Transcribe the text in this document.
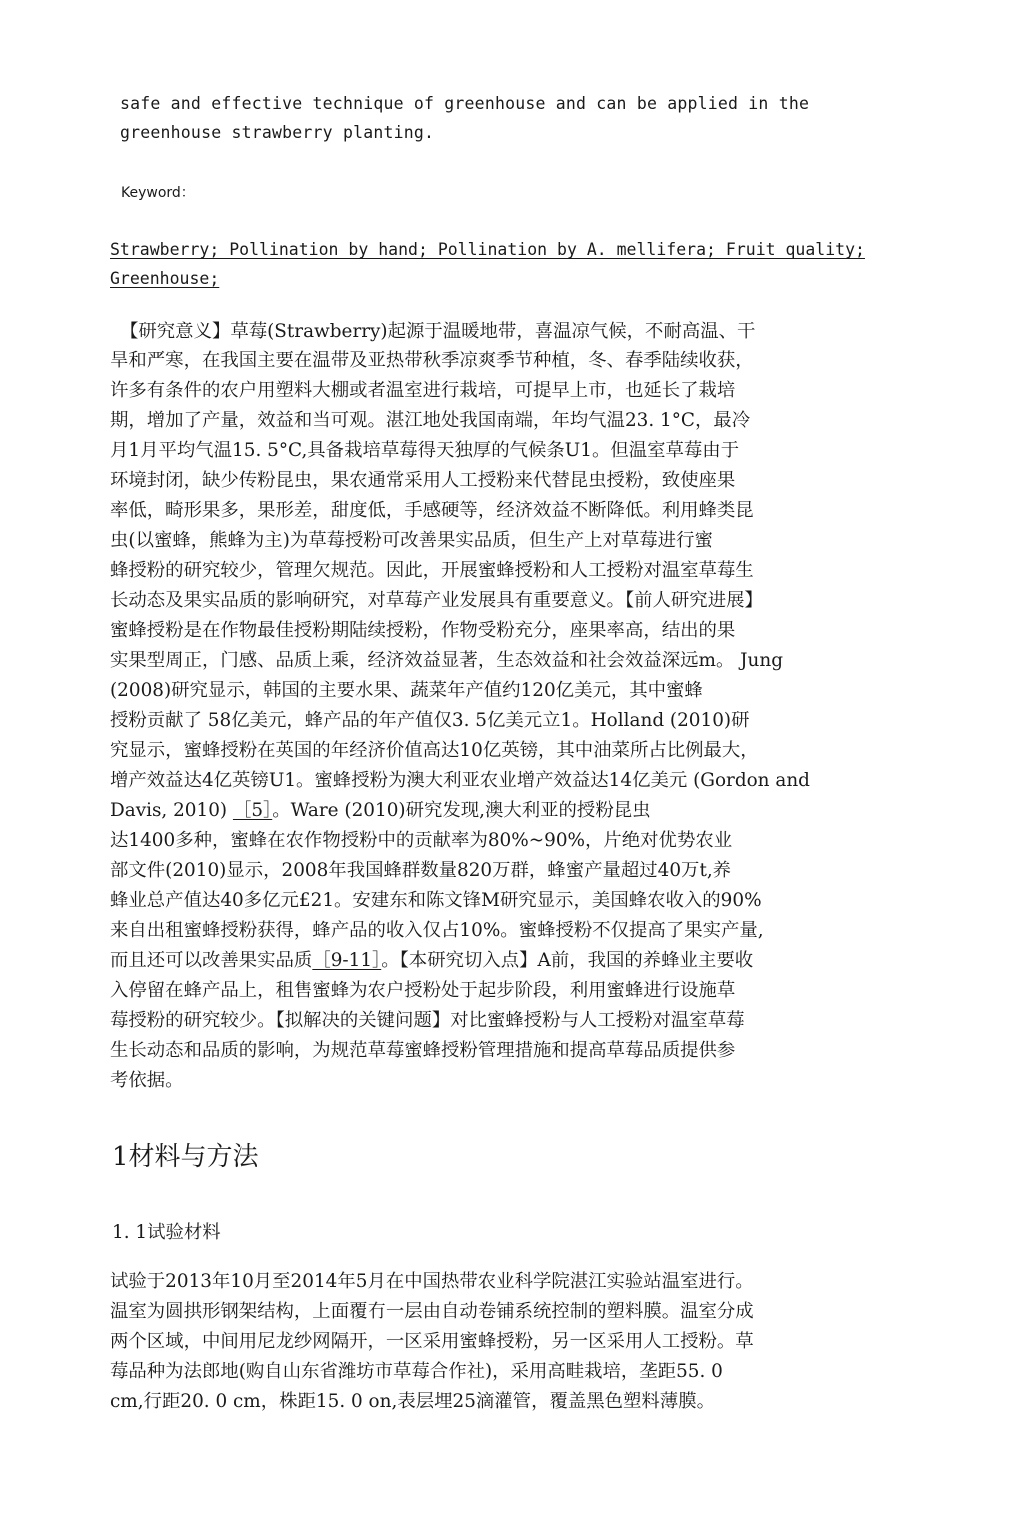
safe and effective technique of greenhouse and can be applied in the
greenhouse strawberry planting.
Keyword：
Strawberry; Pollination by hand; Pollination by A. mellifera; Fruit quality;
Greenhouse;
【研究意义】草莓(Strawberry)起源于温暖地带，喜温凉气候，不耐高温、干
旱和严寒，在我国主要在温带及亚热带秋季凉爽季节种植，冬、春季陆续收获，
许多有条件的农户用塑料大棚或者温室进行栽培，可提早上市，也延长了栽培
期，增加了产量，效益和当可观。湛江地处我国南端，年均气温23. 1°C，最冷
月1月平均气温15. 5°C,具备栽培草莓得天独厚的气候条U1。但温室草莓由于
环境封闭，缺少传粉昆虫，果农通常采用人工授粉来代替昆虫授粉，致使座果
率低，畸形果多，果形差，甜度低，手感硬等，经济效益不断降低。利用蜂类昆
虫(以蜜蜂，熊蜂为主)为草莓授粉可改善果实品质，但生产上对草莓进行蜜
蜂授粉的研究较少，管理欠规范。因此，开展蜜蜂授粉和人工授粉对温室草莓生
长动态及果实品质的影响研究，对草莓产业发展具有重要意义。【前人研究进展】
蜜蜂授粉是在作物最佳授粉期陆续授粉，作物受粉充分，座果率高，结出的果
实果型周正，门感、品质上乘，经济效益显著，生态效益和社会效益深远m。 Jung
(2008)研究显示，韩国的主要水果、蔬菜年产值约120亿美元，其中蜜蜂
授粉贡献了 58亿美元，蜂产品的年产值仅3. 5亿美元立1。Holland (2010)研
究显示，蜜蜂授粉在英国的年经济价值高达10亿英镑，其中油菜所占比例最大，
增产效益达4亿英镑U1。蜜蜂授粉为澳大利亚农业增产效益达14亿美元 (Gordon and
Davis, 2010) ［5］。Ware (2010)研究发现,澳大利亚的授粉昆虫
达1400多种，蜜蜂在农作物授粉中的贡献率为80%~90%，片绝对优势农业
部文件(2010)显示，2008年我国蜂群数量820万群，蜂蜜产量超过40万t,养
蜂业总产值达40多亿元£21。安建东和陈文锋M研究显示，美国蜂农收入的90%
来自出租蜜蜂授粉获得，蜂产品的收入仅占10%。蜜蜂授粉不仅提高了果实产量,
而且还可以改善果实品质［9-11］。【本研究切入点】A前，我国的养蜂业主要收
入停留在蜂产品上，租售蜜蜂为农户授粉处于起步阶段，利用蜜蜂进行设施草
莓授粉的研究较少。【拟解决的关键问题】对比蜜蜂授粉与人工授粉对温室草莓
生长动态和品质的影响，为规范草莓蜜蜂授粉管理措施和提高草莓品质提供参
考依据。
1材料与方法
1. 1试验材料
试验于2013年10月至2014年5月在中国热带农业科学院湛江实验站温室进行。
温室为圆拱形钢架结构，上面覆冇一层由自动卷铺系统控制的塑料膜。温室分成
两个区域，中间用尼龙纱网隔开，一区采用蜜蜂授粉，另一区采用人工授粉。草
莓品种为法郎地(购自山东省潍坊市草莓合作社)，采用高畦栽培，垄距55. 0
cm,行距20. 0 cm，株距15. 0 on,表层埋25滴灌管，覆盖黑色塑料薄膜。
